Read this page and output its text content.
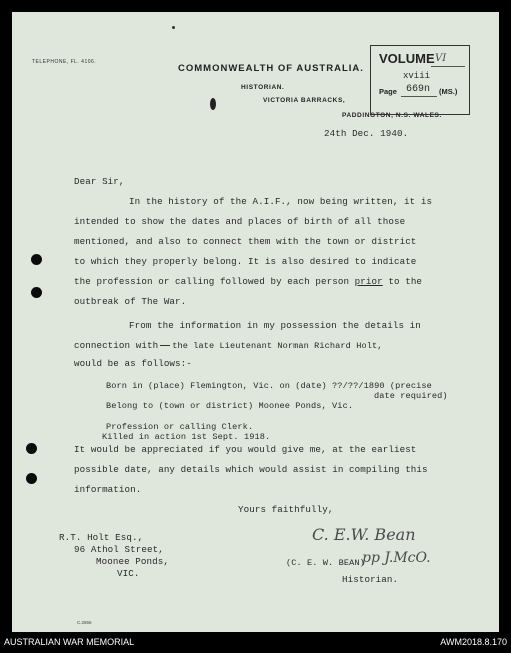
TELEPHONE, FL. 4106.
COMMONWEALTH OF AUSTRALIA.
HISTORIAN.
VICTORIA BARRACKS,
PADDINGTON, N.S. WALES.
VOLUME VI
xviii
Page 669n (MS.)
24th Dec. 1940.
Dear Sir,
In the history of the A.I.F., now being written, it is
intended to show the dates and places of birth of all those
mentioned, and also to connect them with the town or district
to which they properly belong. It is also desired to indicate
the profession or calling followed by each person prior to the
outbreak of The War.
From the information in my possession the details in
connection with the late Lieutenant Norman Richard Holt,
would be as follows:-
Born in (place) Flemington, Vic. on (date) ??/??/1890 (precise
date required)
Belong to (town or district) Moonee Ponds, Vic.
Profession or calling Clerk.
Killed in action 1st Sept. 1918.
It would be appreciated if you would give me, at the earliest
possible date, any details which would assist in compiling this
information.
Yours faithfully,
C. E.W. Bean
R.T. Holt Esq.,
96 Athol Street,
Moonee Ponds,
VIC.
(C. E. W. BEAN)
pp J.McO.
Historian.
C.2656
AUSTRALIAN WAR MEMORIAL	AWM2018.8.170
